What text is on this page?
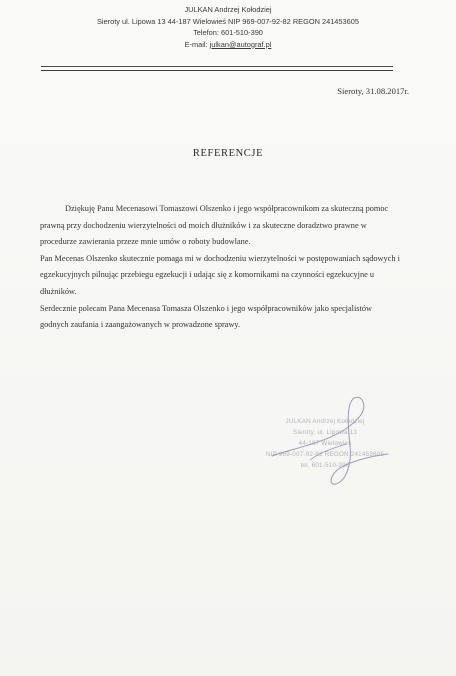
JULKAN Andrzej Kołodziej
Sieroty ul. Lipowa 13 44-187 Wielowieś NIP 969-007-92-82 REGON 241453605
Telefon: 601-510-390
E-mail: julkan@autograf.pl
Sieroty, 31.08.2017r.
REFERENCJE

Dziękuję Panu Mecenasowi Tomaszowi Olszenko i jego współpracownikom za skuteczną pomoc prawną przy dochodzeniu wierzytelności od moich dłużników i za skuteczne doradztwo prawne w procedurze zawierania przeze mnie umów o roboty budowlane.

Pan Mecenas Olszenko skutecznie pomaga mi w dochodzeniu wierzytelności w postępowaniach sądowych i egzekucyjnych pilnując przebiegu egzekucji i udając się z komornikami na czynności egzekucyjne u dłużników.

Serdecznie polecam Pana Mecenasa Tomasza Olszenko i jego współpracowników jako specjalistów godnych zaufania i zaangażowanych w prowadzone sprawy.

JULKAN Andrzej Kołodziej
Sieroty, ul. Lipowa 13
44-187 Wielowieś
NIP 969-007-92-82 REGON 241453605
tel. 601-510-390
